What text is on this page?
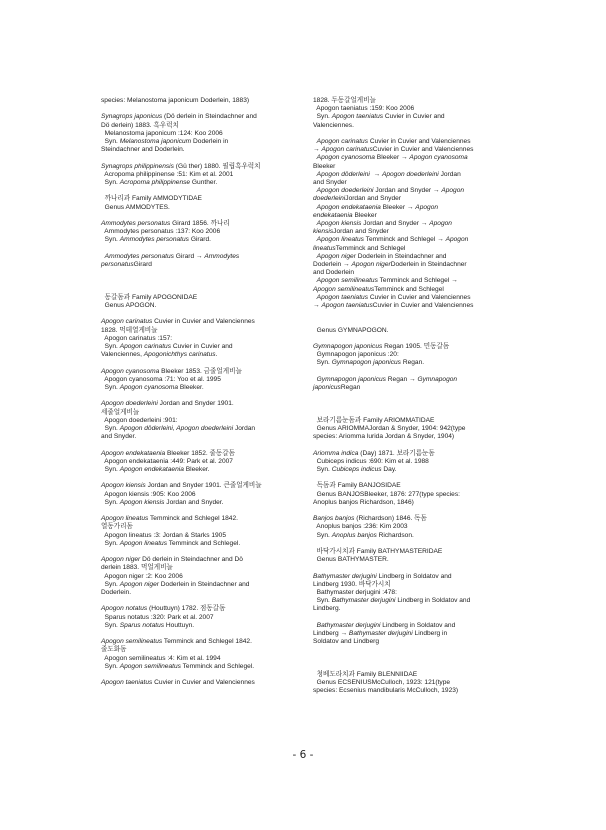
species: Melanostoma japonicum Doderlein, 1883)
Synagrops japonicus (Dö derlein in Steindachner and
Dö derlein) 1883. 흑우럭치
Melanostoma japonicum :124: Koo 2006
Syn. Melanostoma japonicum Doderlein in
Steindachner and Doderlein.
Synagrops philippinensis (Gü ther) 1880. 필립흑우럭치
Acropoma philippinense :51: Kim et al. 2001
Syn. Acropoma philippinense Gunther.
까나리과 Family AMMODYTIDAE
Genus AMMODYTES.
Ammodytes personatus Girard 1856. 까나리
Ammodytes personatus :137: Koo 2006
Syn. Ammodytes personatus Girard.
Ammodytes personatus Girard → Ammodytes
personatusGirard

동갈돔과 Family APOGONIDAE
Genus APOGON.
Apogon carinatus Cuvier in Cuvier and Valenciennes
1828. 먹테열게비늘
Apogon carinatus :157:
Syn. Apogon carinatus Cuvier in Cuvier and
Valenciennes, Apogonichthys carinatus.
Apogon cyanosoma Bleeker 1853. 금줄얼게비늘
Apogon cyanosoma :71: Yoo et al. 1995
Syn. Apogon cyanosoma Bleeker.
Apogon doederleini Jordan and Snyder 1901.
세줄얼게비늘
Apogon doederleini :901:
Syn. Apogon döderleini, Apogon doederleini Jordan
and Snyder.
Apogon endekataenia Bleeker 1852. 줄동갈돔
Apogon endekataenia :449: Park et al. 2007
Syn. Apogon endekataenia Bleeker.
Apogon kiensis Jordan and Snyder 1901. 큰줄얼게비늘
Apogon kiensis :905: Koo 2006
Syn. Apogon kiensis Jordan and Snyder.
Apogon lineatus Temminck and Schlegel 1842.
열동가리돔
Apogon lineatus :3: Jordan & Starks 1905
Syn. Apogon lineatus Temminck and Schlegel.
Apogon niger Dö derlein in Steindachner and Dö
derlein 1883. 먹얼게비늘
Apogon niger :2: Koo 2006
Syn. Apogon niger Doderlein in Steindachner and
Doderlein.
Apogon notatus (Houttuyn) 1782. 점동갈돔
Sparus notatus :320: Park et al. 2007
Syn. Sparus notatus Houttuyn.
Apogon semilineatus Temminck and Schlegel 1842.
줄도화돔
Apogon semilineatus :4: Kim et al. 1994
Syn. Apogon semilineatus Temminck and Schlegel.
Apogon taeniatus Cuvier in Cuvier and Valenciennes
1828. 두동갈얼게비늘
Apogon taeniatus :159: Koo 2006
Syn. Apogon taeniatus Cuvier in Cuvier and
Valenciennes.
Apogon carinatus Cuvier in Cuvier and Valenciennes
→ Apogon carinatusCuvier in Cuvier and Valenciennes
Apogon cyanosoma Bleeker → Apogon cyanosoma
Bleeker
Apogon döderleini  → Apogon doederleini Jordan
and Snyder
Apogon doederleini Jordan and Snyder → Apogon
doederleiniJordan and Snyder
Apogon endekataenia Bleeker → Apogon
endekataenia Bleeker
Apogon kiensis Jordan and Snyder → Apogon
kiensisJordan and Snyder
Apogon lineatus Temminck and Schlegel → Apogon
lineatusTemminck and Schlegel
Apogon niger Doderlein in Steindachner and
Doderlein → Apogon nigerDoderlein in Steindachner
and Doderlein
Apogon semilineatus Temminck and Schlegel →
Apogon semilineatusTemminck and Schlegel
Apogon taeniatus Cuvier in Cuvier and Valenciennes
→ Apogon taeniatusCuvier in Cuvier and Valenciennes

Genus GYMNAPOGON.
Gymnapogon japonicus Regan 1905. 민동갈돔
Gymnapogon japonicus :20:
Syn. Gymnapogon japonicus Regan.
Gymnapogon japonicus Regan → Gymnapogon
japonicusRegan

보라기름눈돔과 Family ARIOMMATIDAE
Genus ARIOMMAJordan & Snyder, 1904: 942(type
species: Ariomma lurida Jordan & Snyder, 1904)
Ariomma indica (Day) 1871. 보라기름눈돔
Cubiceps indicus :690: Kim et al. 1988
Syn. Cubiceps indicus Day.
독돔과 Family BANJOSIDAE
Genus BANJOSBleeker, 1876: 277(type species:
Anoplus banjos Richardson, 1846)
Banjos banjos (Richardson) 1846. 독돔
Anoplus banjos :236: Kim 2003
Syn. Anoplus banjos Richardson.
바닥가시치과 Family BATHYMASTERIDAE
Genus BATHYMASTER.
Bathymaster derjugini Lindberg in Soldatov and
Lindberg 1930. 바닥가시치
Bathymaster derjugini :478:
Syn. Bathymaster derjugini Lindberg in Soldatov and
Lindberg.
Bathymaster derjugini Lindberg in Soldatov and
Lindberg → Bathymaster derjugini Lindberg in
Soldatov and Lindberg

청베도라치과 Family BLENNIIDAE
Genus ECSENIUSMcCulloch, 1923: 121(type
species: Ecsenius mandibularis McCulloch, 1923)
- 6 -
